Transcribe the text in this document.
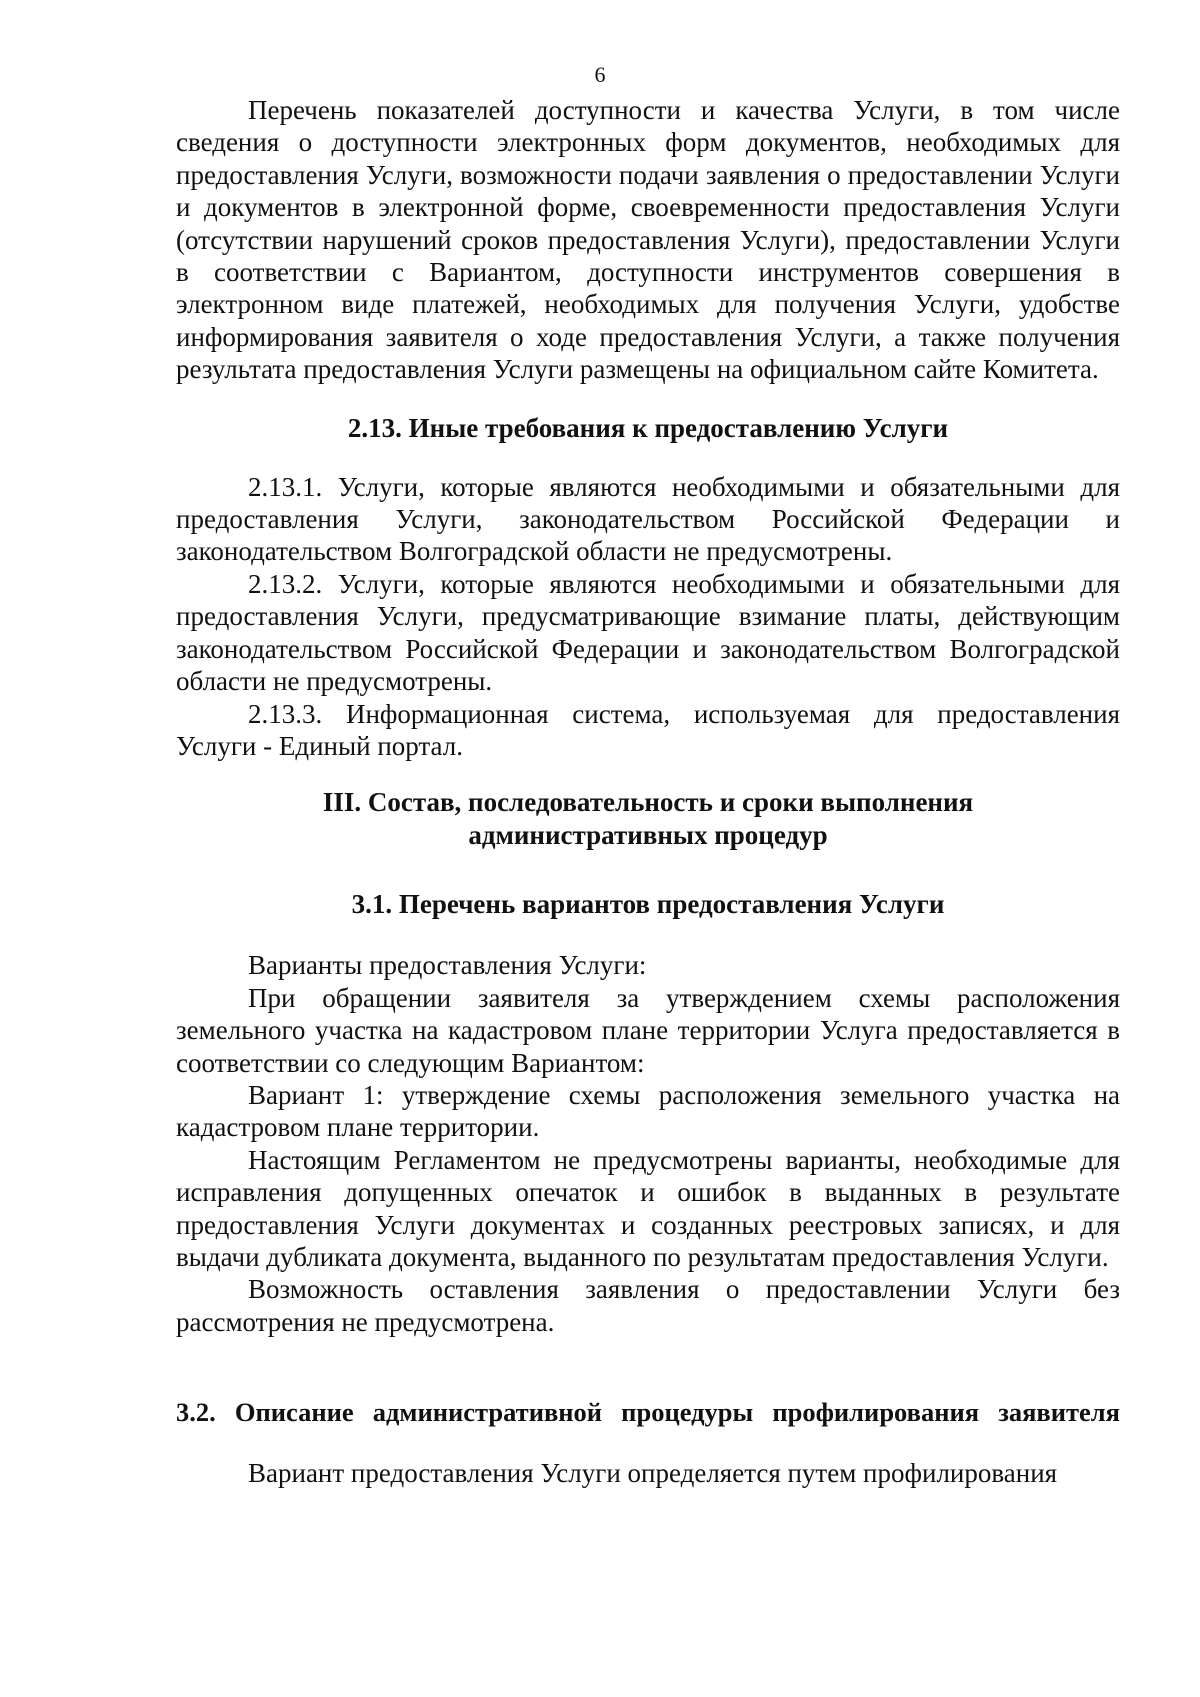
6

Перечень показателей доступности и качества Услуги, в том числе сведения о доступности электронных форм документов, необходимых для предоставления Услуги, возможности подачи заявления о предоставлении Услуги и документов в электронной форме, своевременности предоставления Услуги (отсутствии нарушений сроков предоставления Услуги), предоставлении Услуги в соответствии с Вариантом, доступности инструментов совершения в электронном виде платежей, необходимых для получения Услуги, удобстве информирования заявителя о ходе предоставления Услуги, а также получения результата предоставления Услуги размещены на официальном сайте Комитета.

2.13. Иные требования к предоставлению Услуги

2.13.1. Услуги, которые являются необходимыми и обязательными для предоставления Услуги, законодательством Российской Федерации и законодательством Волгоградской области не предусмотрены.

2.13.2. Услуги, которые являются необходимыми и обязательными для предоставления Услуги, предусматривающие взимание платы, действующим законодательством Российской Федерации и законодательством Волгоградской области не предусмотрены.

2.13.3. Информационная система, используемая для предоставления Услуги - Единый портал.

III. Состав, последовательность и сроки выполнения
административных процедур
3.1. Перечень вариантов предоставления Услуги

Варианты предоставления Услуги:

При обращении заявителя за утверждением схемы расположения земельного участка на кадастровом плане территории Услуга предоставляется в соответствии со следующим Вариантом:

Вариант 1: утверждение схемы расположения земельного участка на кадастровом плане территории.

Настоящим Регламентом не предусмотрены варианты, необходимые для исправления допущенных опечаток и ошибок в выданных в результате предоставления Услуги документах и созданных реестровых записях, и для выдачи дубликата документа, выданного по результатам предоставления Услуги.

Возможность оставления заявления о предоставлении Услуги без рассмотрения не предусмотрена.

3.2. Описание административной процедуры профилирования заявителя

Вариант предоставления Услуги определяется путем профилирования
